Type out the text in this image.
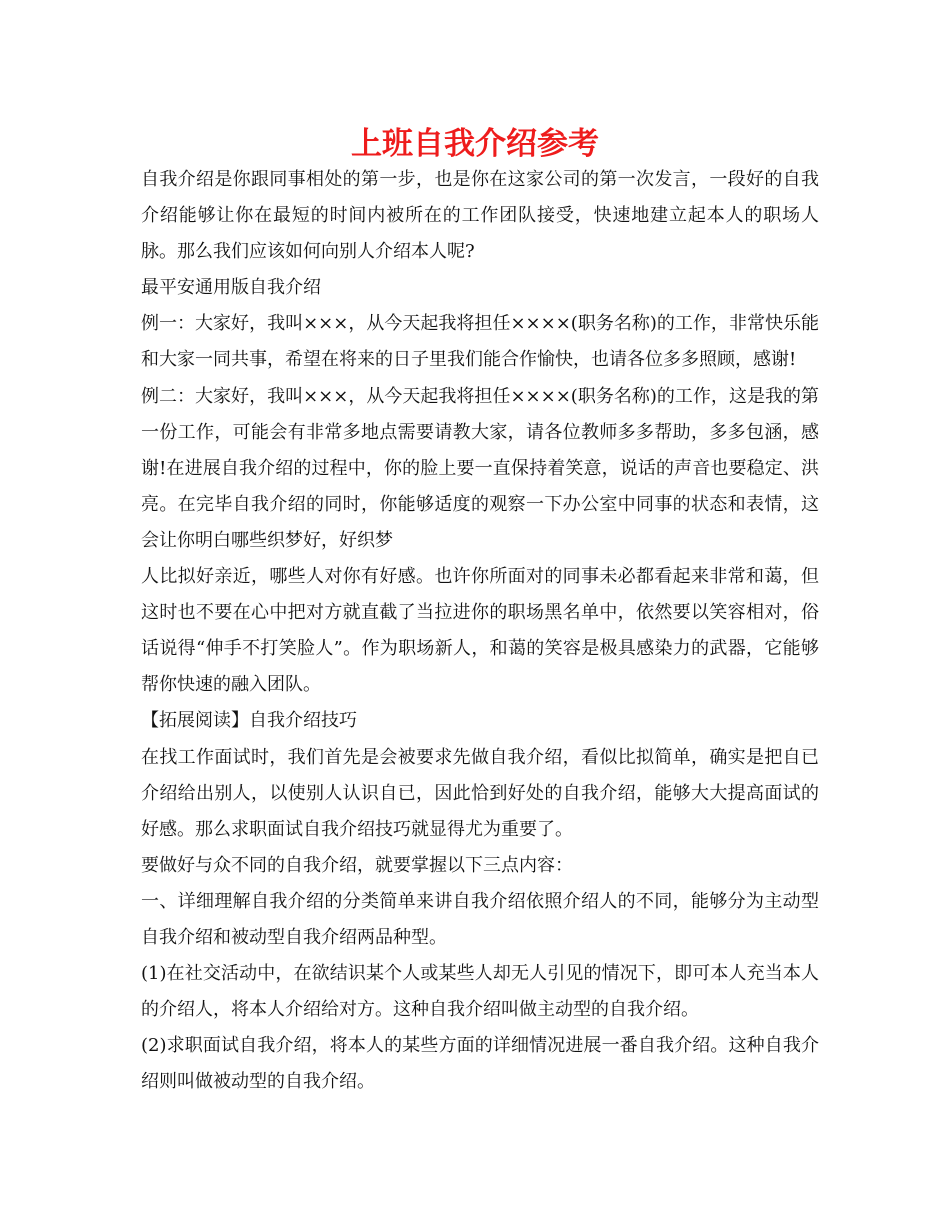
上班自我介绍参考

自我介绍是你跟同事相处的第一步，也是你在这家公司的第一次发言，一段好的自我介绍能够让你在最短的时间内被所在的工作团队接受，快速地建立起本人的职场人脉。那么我们应该如何向别人介绍本人呢?

最平安通用版自我介绍

例一：大家好，我叫×××，从今天起我将担任××××(职务名称)的工作，非常快乐能和大家一同共事，希望在将来的日子里我们能合作愉快，也请各位多多照顾，感谢!

例二：大家好，我叫×××，从今天起我将担任××××(职务名称)的工作，这是我的第一份工作，可能会有非常多地点需要请教大家，请各位教师多多帮助，多多包涵，感谢!在进展自我介绍的过程中，你的脸上要一直保持着笑意，说话的声音也要稳定、洪亮。在完毕自我介绍的同时，你能够适度的观察一下办公室中同事的状态和表情，这会让你明白哪些织梦好，好织梦

人比拟好亲近，哪些人对你有好感。也许你所面对的同事未必都看起来非常和蔼，但这时也不要在心中把对方就直截了当拉进你的职场黑名单中，依然要以笑容相对，俗话说得“伸手不打笑脸人”。作为职场新人，和蔼的笑容是极具感染力的武器，它能够帮你快速的融入团队。

【拓展阅读】自我介绍技巧

在找工作面试时，我们首先是会被要求先做自我介绍，看似比拟简单，确实是把自已介绍给出别人，以使别人认识自已，因此恰到好处的自我介绍，能够大大提高面试的好感。那么求职面试自我介绍技巧就显得尤为重要了。

要做好与众不同的自我介绍，就要掌握以下三点内容：

一、详细理解自我介绍的分类简单来讲自我介绍依照介绍人的不同，能够分为主动型自我介绍和被动型自我介绍两品种型。

(1)在社交活动中，在欲结识某个人或某些人却无人引见的情况下，即可本人充当本人的介绍人，将本人介绍给对方。这种自我介绍叫做主动型的自我介绍。

(2)求职面试自我介绍，将本人的某些方面的详细情况进展一番自我介绍。这种自我介绍则叫做被动型的自我介绍。
